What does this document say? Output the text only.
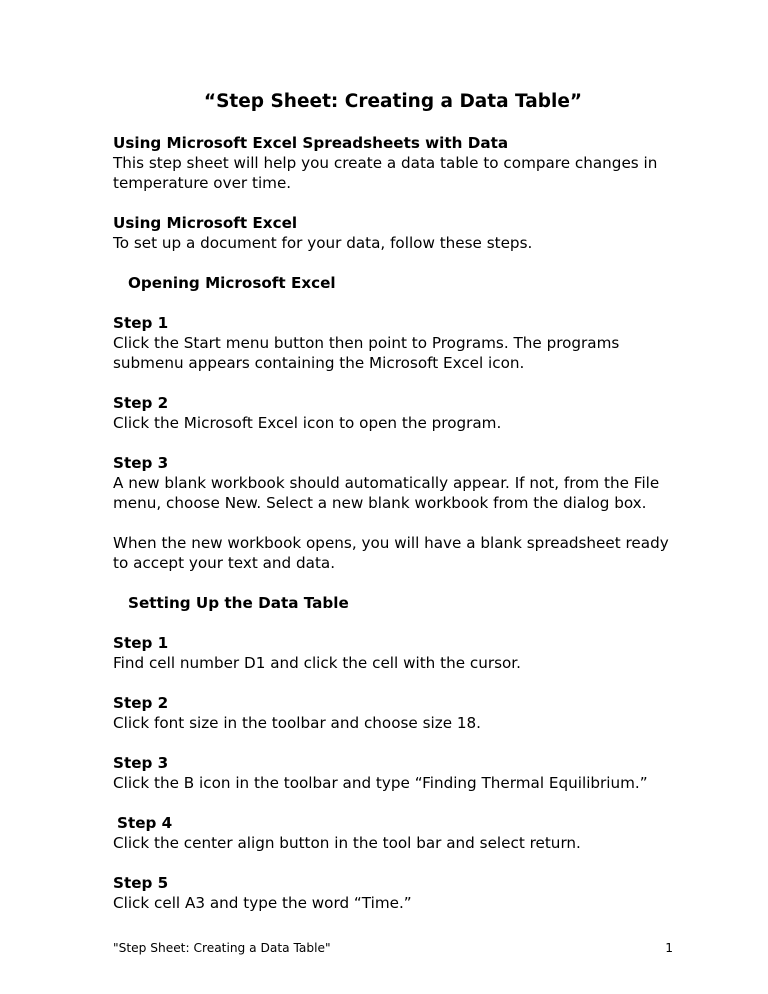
“Step Sheet: Creating a Data Table”
Using Microsoft Excel Spreadsheets with Data
This step sheet will help you create a data table to compare changes in temperature over time.
Using Microsoft Excel
To set up a document for your data, follow these steps.
Opening Microsoft Excel
Step 1
Click the Start menu button then point to Programs. The programs submenu appears containing the Microsoft Excel icon.
Step 2
Click the Microsoft Excel icon to open the program.
Step 3
A new blank workbook should automatically appear. If not, from the File menu, choose New. Select a new blank workbook from the dialog box.
When the new workbook opens, you will have a blank spreadsheet ready to accept your text and data.
Setting Up the Data Table
Step 1
Find cell number D1 and click the cell with the cursor.
Step 2
Click font size in the toolbar and choose size 18.
Step 3
Click the B icon in the toolbar and type “Finding Thermal Equilibrium.”
Step 4
Click the center align button in the tool bar and select return.
Step 5
Click cell A3 and type the word “Time.”
"Step Sheet: Creating a Data Table"	1
